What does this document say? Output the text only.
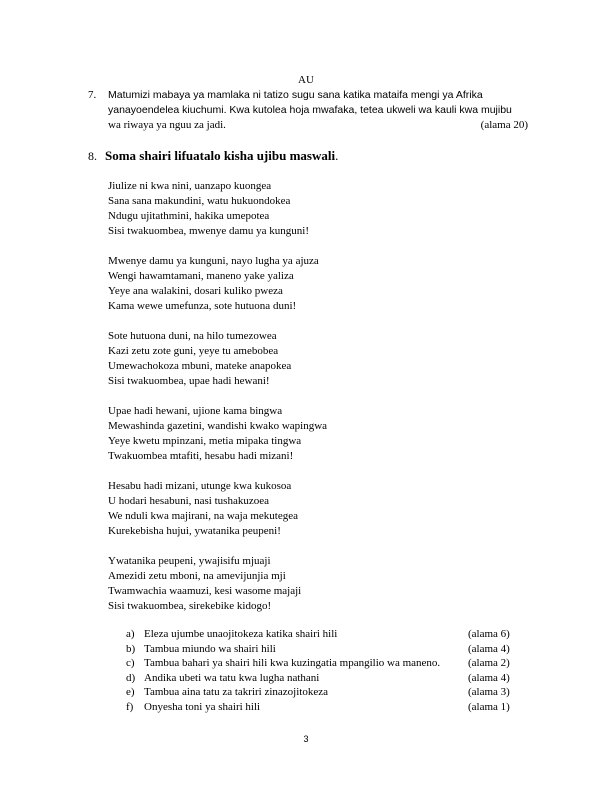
AU
7. Matumizi mabaya ya mamlaka ni tatizo sugu sana katika mataifa mengi ya Afrika
yanayoendelea kiuchumi. Kwa kutolea hoja mwafaka, tetea ukweli wa kauli kwa mujibu
wa riwaya ya nguu za jadi.	(alama 20)
8. Soma shairi lifuatalo kisha ujibu maswali.
Jiulize ni kwa nini, uanzapo kuongea
Sana sana makundini, watu hukuondokea
Ndugu ujitathmini, hakika umepotea
Sisi twakuombea, mwenye damu ya kunguni!
Mwenye damu ya kunguni, nayo lugha ya ajuza
Wengi hawamtamani, maneno yake yaliza
Yeye ana walakini, dosari kuliko pweza
Kama wewe umefunza, sote hutuona duni!
Sote hutuona duni, na hilo tumezowea
Kazi zetu zote guni, yeye tu amebobea
Umewachokoza mbuni, mateke anapokea
Sisi twakuombea, upae hadi hewani!
Upae hadi hewani, ujione kama bingwa
Mewashinda gazetini, wandishi kwako wapingwa
Yeye kwetu mpinzani, metia mipaka tingwa
Twakuombea mtafiti, hesabu hadi mizani!
Hesabu hadi mizani, utunge kwa kukosoa
U hodari hesabuni, nasi tushakuzoea
We nduli kwa majirani, na waja mekutegea
Kurekebisha hujui, ywatanika peupeni!
Ywatanika peupeni, ywajisifu mjuaji
Amezidi zetu mboni, na amevijunjia mji
Twamwachia waamuzi, kesi wasome majaji
Sisi twakuombea, sirekebike kidogo!
a) Eleza ujumbe unaojitokeza katika shairi hili	(alama 6)
b) Tambua miundo wa shairi hili	(alama 4)
c) Tambua bahari ya shairi hili kwa kuzingatia mpangilio wa maneno.	(alama 2)
d) Andika ubeti wa tatu kwa lugha nathani	(alama 4)
e) Tambua aina tatu za takriri zinazojitokeza	(alama 3)
f) Onyesha toni ya shairi hili	(alama 1)
3
